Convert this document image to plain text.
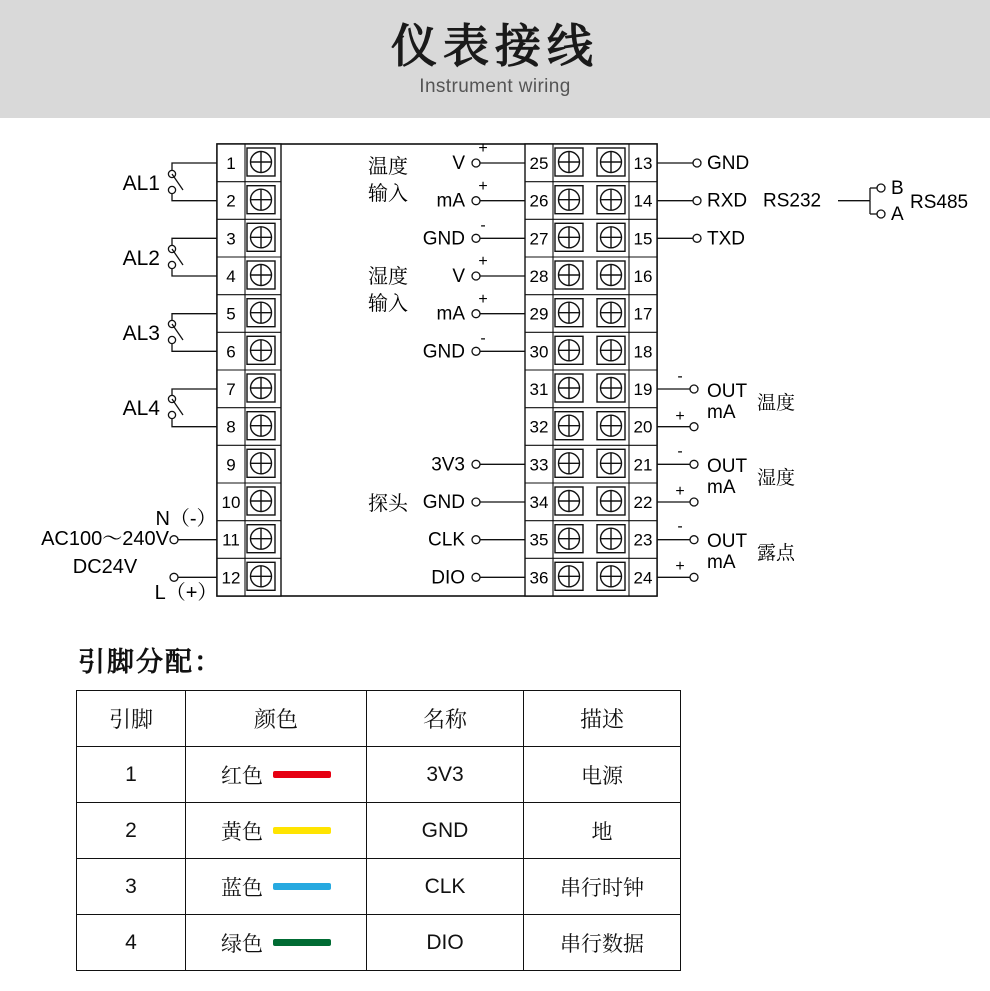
仪表接线
Instrument wiring
1
2
3
4
5
6
7
8
9
10
11
12
AL1
AL2
AL3
AL4
N（-）
L（+）
AC100～240V
DC24V
温度
输入
湿度
输入
探头
V
mA
GND
V
mA
GND
3V3
GND
CLK
DIO
+
+
-
+
+
-
25	13
26	14
27	15
28	16
29	17
30	18
31	19
32	20
33	21
34	22
35	23
36	24
GND
RXD RS232
TXD
B
A
RS485
-
+
-
+
-
+
OUT
mA 温度
OUT
mA 湿度
OUT
mA 露点
引脚分配：
引脚	颜色	名称	描述
1	红色	3V3	电源
2	黄色	GND	地
3	蓝色	CLK	串行时钟
4	绿色	DIO	串行数据
